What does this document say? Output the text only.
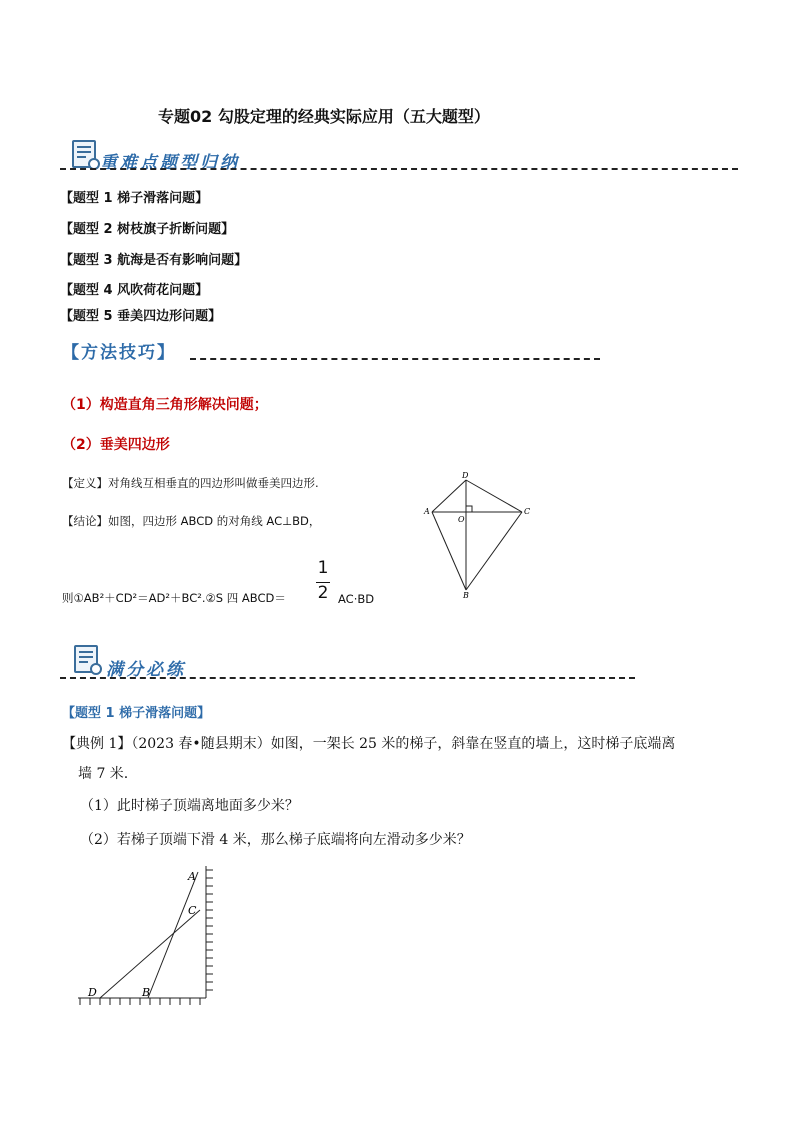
专题02 勾股定理的经典实际应用（五大题型）
重难点题型归纳
【题型 1 梯子滑落问题】
【题型 2 树枝旗子折断问题】
【题型 3 航海是否有影响问题】
【题型 4 风吹荷花问题】
【题型 5 垂美四边形问题】
【方法技巧】
（1）构造直角三角形解决问题；
（2）垂美四边形
【定义】对角线互相垂直的四边形叫做垂美四边形.
【结论】如图，四边形 ABCD 的对角线 AC⊥BD，
则①AB²＋CD²＝AD²＋BC².②S 四 ABCD＝
1
2 AC·BD
D
A	C
O
B
满分必练
【题型 1 梯子滑落问题】
【典例 1】（2023 春•随县期末）如图，一架长 25 米的梯子，斜靠在竖直的墙上，这时梯子底端离
墙 7 米.
（1）此时梯子顶端离地面多少米？
（2）若梯子顶端下滑 4 米，那么梯子底端将向左滑动多少米？
A
C
D	B
